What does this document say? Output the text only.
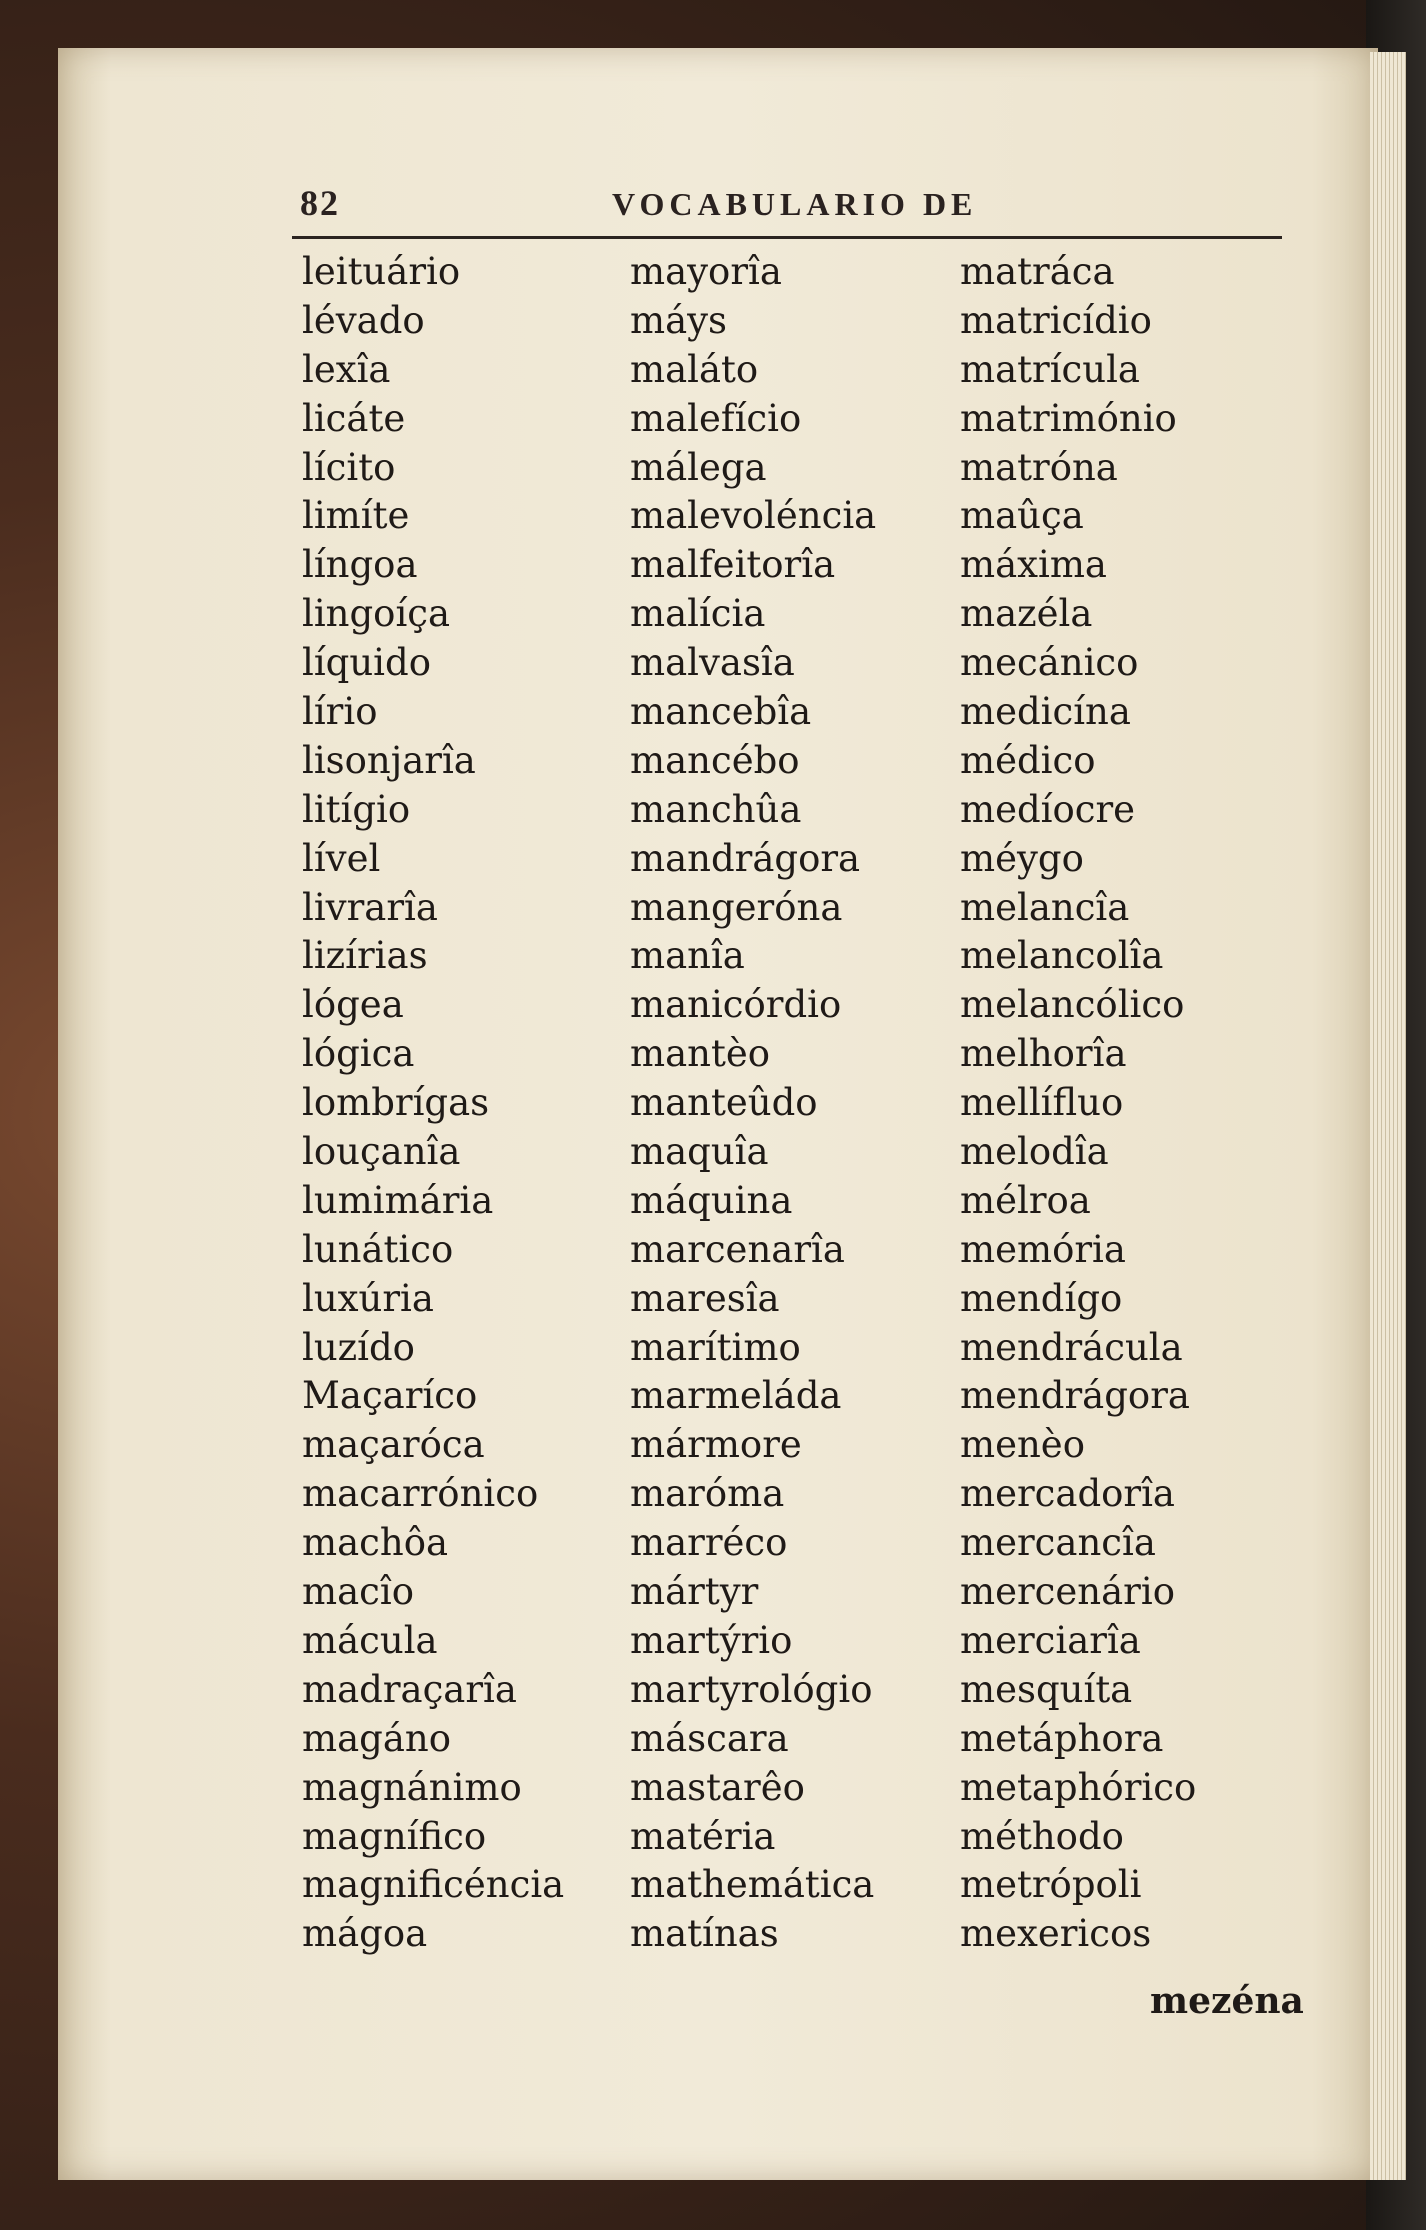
82	VOCABULARIO DE
leituário
lévado
lexîa
licáte
lícito
limíte
língoa
lingoíça
líquido
lírio
lisonjarîa
litígio
lível
livrarîa
lizírias
lógea
lógica
lombrígas
louçanîa
lumimária
lunático
luxúria
luzído
Maçaríco
maçaróca
macarrónico
machôa
macîo
mácula
madraçarîa
magáno
magnánimo
magnífico
magnificéncia
mágoa
mayorîa
máys
maláto
malefício
málega
malevoléncia
malfeitorîa
malícia
malvasîa
mancebîa
mancébo
manchûa
mandrágora
mangeróna
manîa
manicórdio
mantèo
manteûdo
maquîa
máquina
marcenarîa
maresîa
marítimo
marmeláda
mármore
maróma
marréco
mártyr
martýrio
martyrológio
máscara
mastarêo
matéria
mathemática
matínas
matráca
matricídio
matrícula
matrimónio
matróna
maûça
máxima
mazéla
mecánico
medicína
médico
medíocre
méygo
melancîa
melancolîa
melancólico
melhorîa
mellífluo
melodîa
mélroa
memória
mendígo
mendrácula
mendrágora
menèo
mercadorîa
mercancîa
mercenário
merciarîa
mesquíta
metáphora
metaphórico
méthodo
metrópoli
mexericos
mezéna
